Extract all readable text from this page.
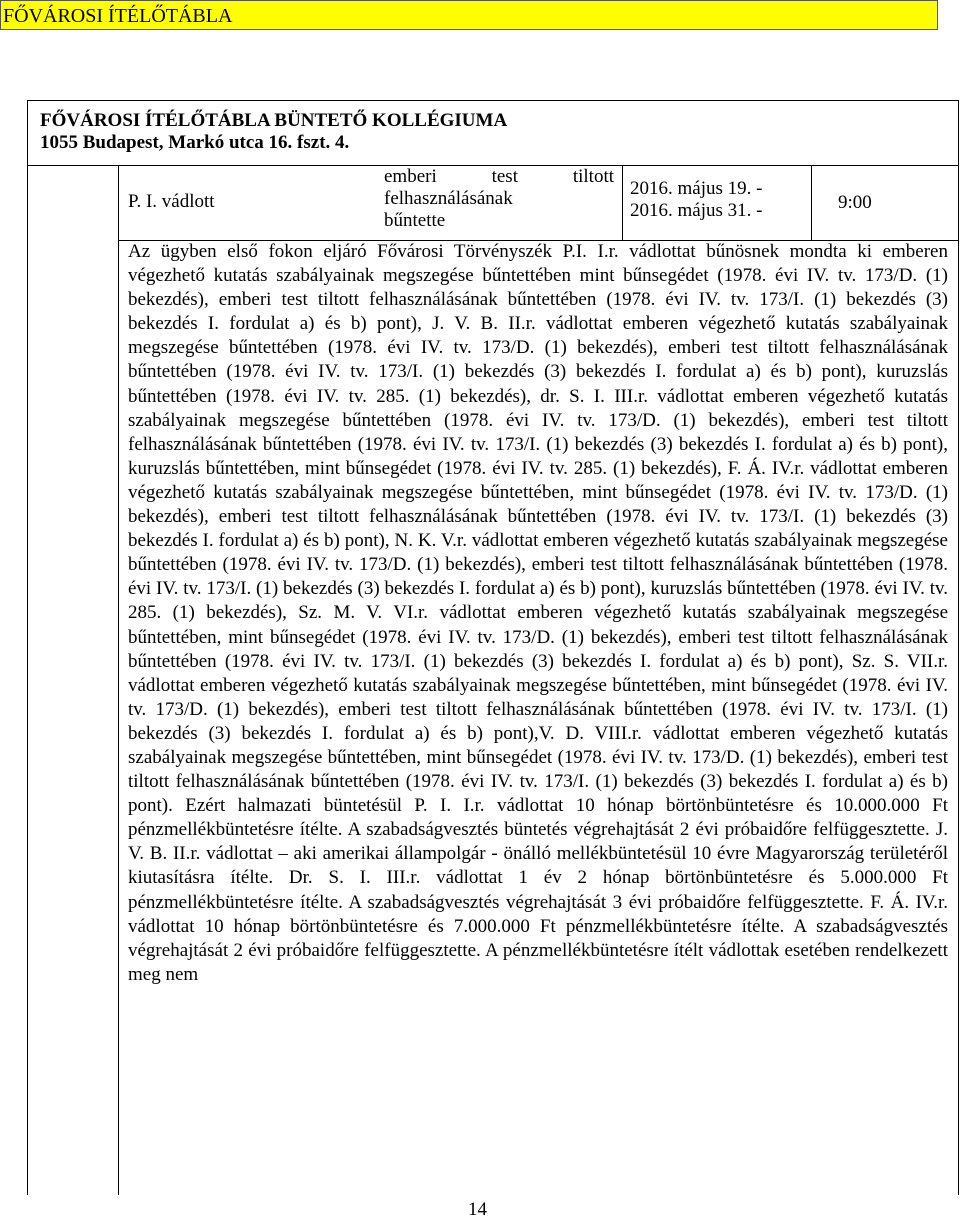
FŐVÁROSI ÍTÉLŐTÁBLA
FŐVÁROSI ÍTÉLŐTÁBLA BÜNTETŐ KOLLÉGIUMA
1055 Budapest, Markó utca 16. fszt. 4.
P. I. vádlott
emberi test tiltott
felhasználásának
bűntette
2016. május 19. -
2016. május 31. -	9:00
Az ügyben első fokon eljáró Fővárosi Törvényszék P.I. I.r. vádlottat bűnösnek mondta ki emberen végezhető kutatás szabályainak megszegése bűntettében mint bűnsegédet (1978. évi IV. tv. 173/D. (1) bekezdés), emberi test tiltott felhasználásának bűntettében (1978. évi IV. tv. 173/I. (1) bekezdés (3) bekezdés I. fordulat a) és b) pont), J. V. B. II.r. vádlottat emberen végezhető kutatás szabályainak megszegése bűntettében (1978. évi IV. tv. 173/D. (1) bekezdés), emberi test tiltott felhasználásának bűntettében (1978. évi IV. tv. 173/I. (1) bekezdés (3) bekezdés I. fordulat a) és b) pont), kuruzslás bűntettében (1978. évi IV. tv. 285. (1) bekezdés), dr. S. I. III.r. vádlottat emberen végezhető kutatás szabályainak megszegése bűntettében (1978. évi IV. tv. 173/D. (1) bekezdés), emberi test tiltott felhasználásának bűntettében (1978. évi IV. tv. 173/I. (1) bekezdés (3) bekezdés I. fordulat a) és b) pont), kuruzslás bűntettében, mint bűnsegédet (1978. évi IV. tv. 285. (1) bekezdés), F. Á. IV.r. vádlottat emberen végezhető kutatás szabályainak megszegése bűntettében, mint bűnsegédet (1978. évi IV. tv. 173/D. (1) bekezdés), emberi test tiltott felhasználásának bűntettében (1978. évi IV. tv. 173/I. (1) bekezdés (3) bekezdés I. fordulat a) és b) pont), N. K. V.r. vádlottat emberen végezhető kutatás szabályainak megszegése bűntettében (1978. évi IV. tv. 173/D. (1) bekezdés), emberi test tiltott felhasználásának bűntettében (1978. évi IV. tv. 173/I. (1) bekezdés (3) bekezdés I. fordulat a) és b) pont), kuruzslás bűntettében (1978. évi IV. tv. 285. (1) bekezdés), Sz. M. V. VI.r. vádlottat emberen végezhető kutatás szabályainak megszegése bűntettében, mint bűnsegédet (1978. évi IV. tv. 173/D. (1) bekezdés), emberi test tiltott felhasználásának bűntettében (1978. évi IV. tv. 173/I. (1) bekezdés (3) bekezdés I. fordulat a) és b) pont), Sz. S. VII.r. vádlottat emberen végezhető kutatás szabályainak megszegése bűntettében, mint bűnsegédet (1978. évi IV. tv. 173/D. (1) bekezdés), emberi test tiltott felhasználásának bűntettében (1978. évi IV. tv. 173/I. (1) bekezdés (3) bekezdés I. fordulat a) és b) pont),V. D. VIII.r. vádlottat emberen végezhető kutatás szabályainak megszegése bűntettében, mint bűnsegédet (1978. évi IV. tv. 173/D. (1) bekezdés), emberi test tiltott felhasználásának bűntettében (1978. évi IV. tv. 173/I. (1) bekezdés (3) bekezdés I. fordulat a) és b) pont). Ezért halmazati büntetésül P. I. I.r. vádlottat 10 hónap börtönbüntetésre és 10.000.000 Ft pénzmellékbüntetésre ítélte. A szabadságvesztés büntetés végrehajtását 2 évi próbaidőre felfüggesztette. J. V. B. II.r. vádlottat – aki amerikai állampolgár - önálló mellékbüntetésül 10 évre Magyarország területéről kiutasításra ítélte. Dr. S. I. III.r. vádlottat 1 év 2 hónap börtönbüntetésre és 5.000.000 Ft pénzmellékbüntetésre ítélte. A szabadságvesztés végrehajtását 3 évi próbaidőre felfüggesztette. F. Á. IV.r. vádlottat 10 hónap börtönbüntetésre és 7.000.000 Ft pénzmellékbüntetésre ítélte. A szabadságvesztés végrehajtását 2 évi próbaidőre felfüggesztette. A pénzmellékbüntetésre ítélt vádlottak esetében rendelkezett meg nem
14
